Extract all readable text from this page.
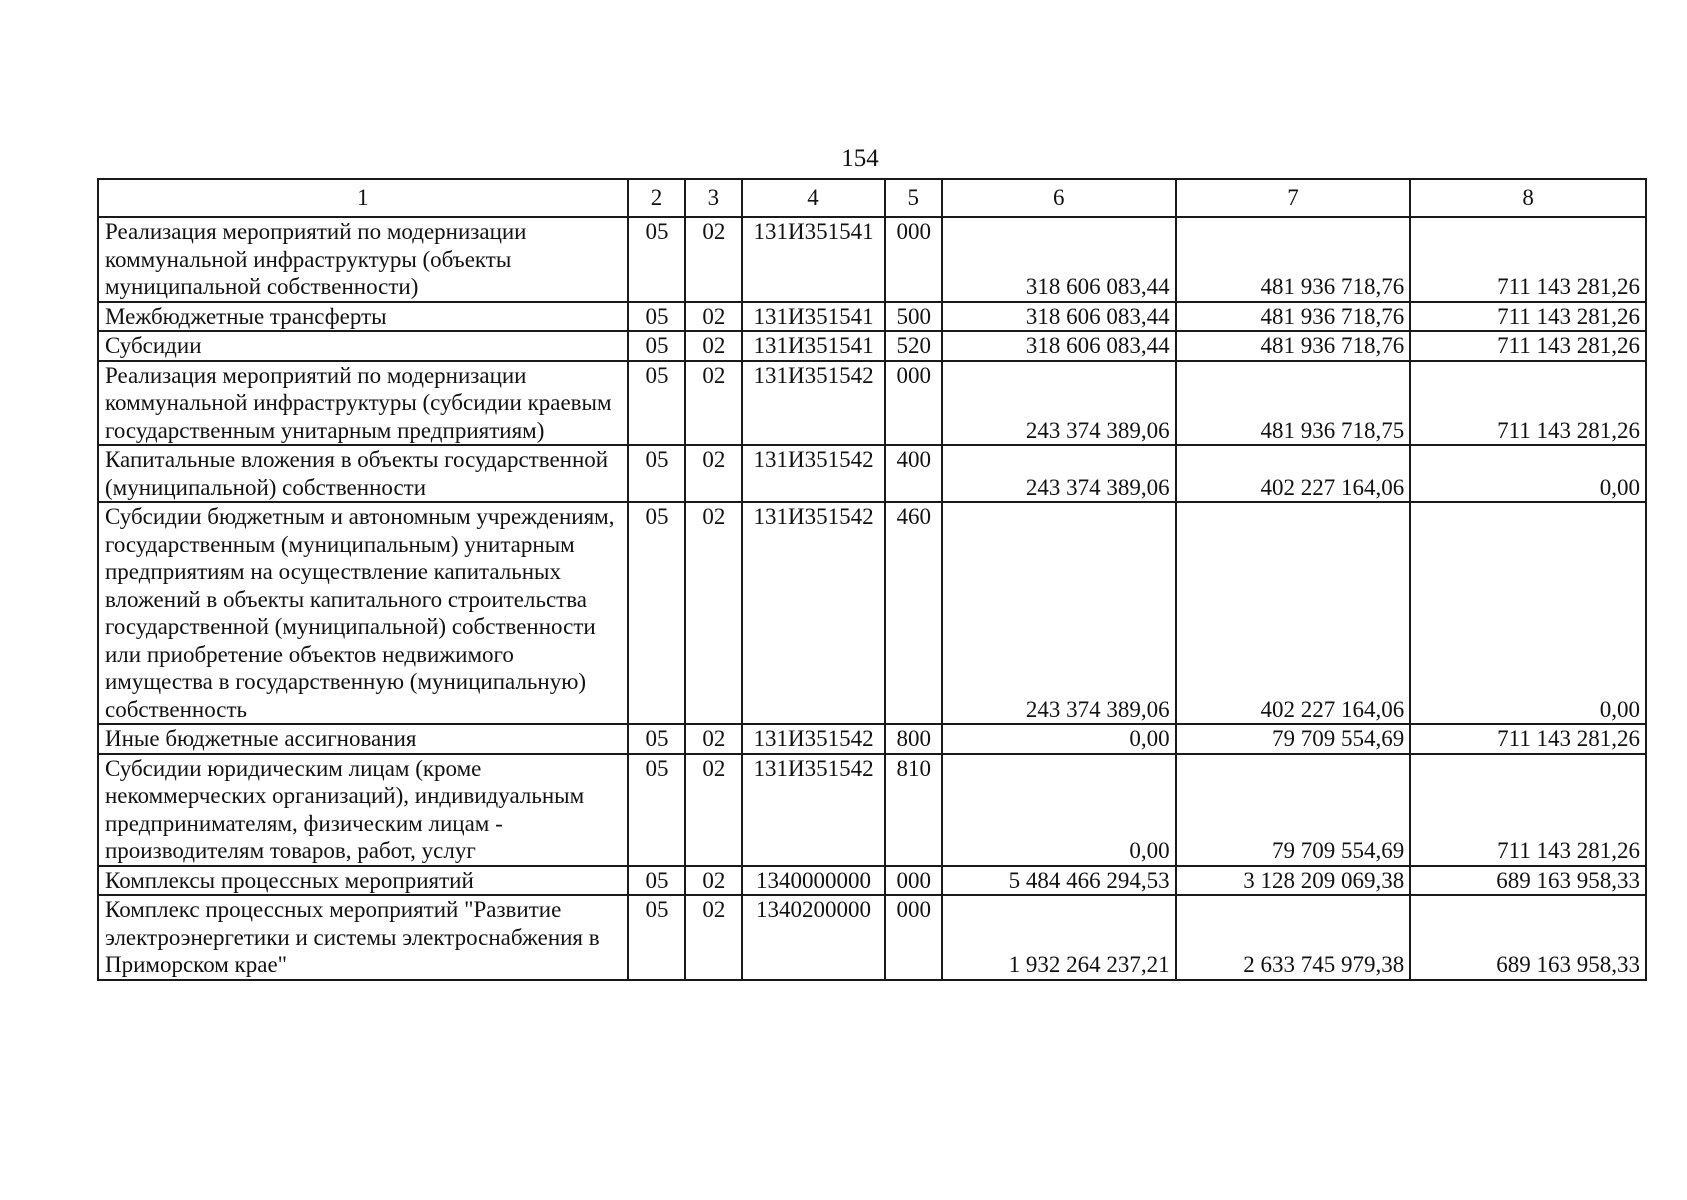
154
1	2	3	4	5	6	7	8
Реализация мероприятий по модернизации коммунальной инфраструктуры (объекты муниципальной собственности)	05	02	131И351541	000	318 606 083,44	481 936 718,76	711 143 281,26
Межбюджетные трансферты	05	02	131И351541	500	318 606 083,44	481 936 718,76	711 143 281,26
Субсидии	05	02	131И351541	520	318 606 083,44	481 936 718,76	711 143 281,26
Реализация мероприятий по модернизации коммунальной инфраструктуры (субсидии краевым государственным унитарным предприятиям)	05	02	131И351542	000	243 374 389,06	481 936 718,75	711 143 281,26
Капитальные вложения в объекты государственной (муниципальной) собственности	05	02	131И351542	400	243 374 389,06	402 227 164,06	0,00
Субсидии бюджетным и автономным учреждениям, государственным (муниципальным) унитарным предприятиям на осуществление капитальных вложений в объекты капитального строительства государственной (муниципальной) собственности или приобретение объектов недвижимого имущества в государственную (муниципальную) собственность	05	02	131И351542	460	243 374 389,06	402 227 164,06	0,00
Иные бюджетные ассигнования	05	02	131И351542	800	0,00	79 709 554,69	711 143 281,26
Субсидии юридическим лицам (кроме некоммерческих организаций), индивидуальным предпринимателям, физическим лицам - производителям товаров, работ, услуг	05	02	131И351542	810	0,00	79 709 554,69	711 143 281,26
Комплексы процессных мероприятий	05	02	1340000000	000	5 484 466 294,53	3 128 209 069,38	689 163 958,33
Комплекс процессных мероприятий "Развитие электроэнергетики и системы электроснабжения в Приморском крае"	05	02	1340200000	000	1 932 264 237,21	2 633 745 979,38	689 163 958,33
